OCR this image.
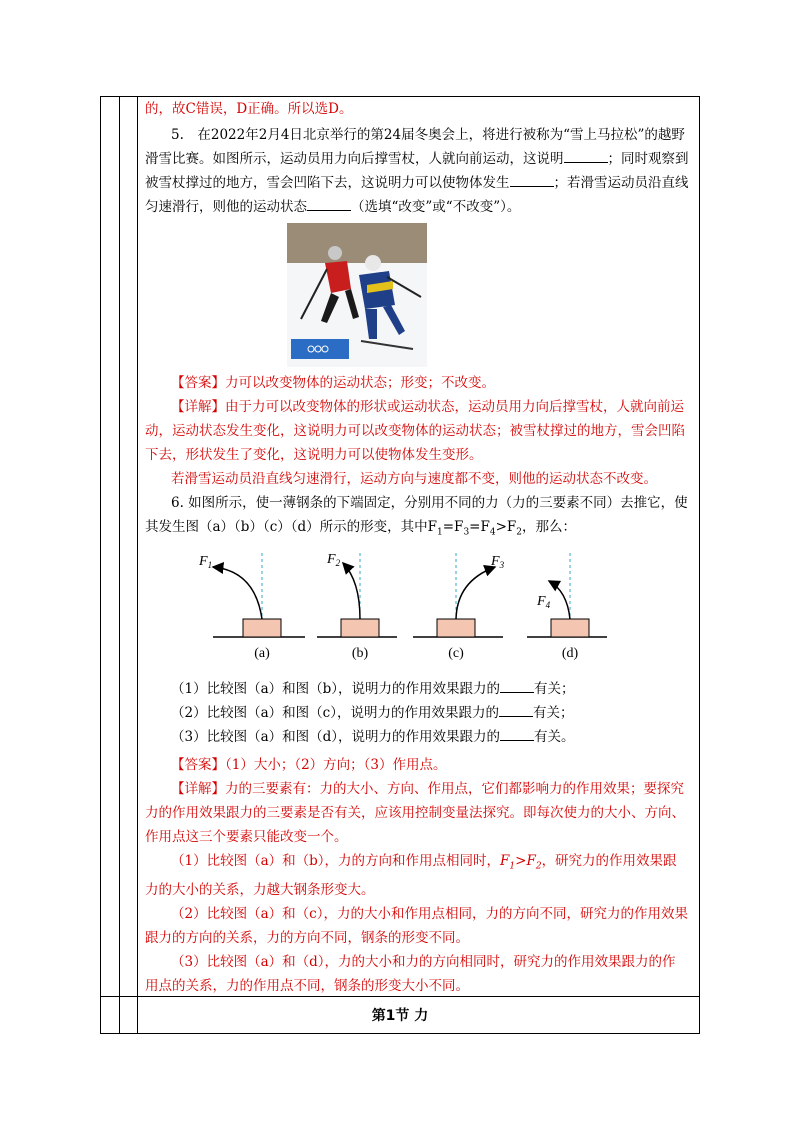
的，故C错误，D正确。所以选D。

5.　在2022年2月4日北京举行的第24届冬奥会上，将进行被称为“雪上马拉松”的越野滑雪比赛。如图所示，运动员用力向后撑雪杖，人就向前运动，这说明	；同时观察到被雪杖撑过的地方，雪会凹陷下去，这说明力可以使物体发生	；若滑雪运动员沿直线匀速滑行，则他的运动状态	（选填“改变”或“不改变”）。

【答案】力可以改变物体的运动状态；形变；不改变。

【详解】由于力可以改变物体的形状或运动状态，运动员用力向后撑雪杖，人就向前运动，运动状态发生变化，这说明力可以改变物体的运动状态；被雪杖撑过的地方，雪会凹陷下去，形状发生了变化，这说明力可以使物体发生变形。

若滑雪运动员沿直线匀速滑行，运动方向与速度都不变，则他的运动状态不改变。

6. 如图所示，使一薄钢条的下端固定，分别用不同的力（力的三要素不同）去推它，使其发生图（a）（b）（c）（d）所示的形变，其中$F_1=F_3=F_4>F_2$，那么：

$F_1$	$F_2$	$F_3$
$F_4$
(a)	(b)	(c)	(d)

（1）比较图（a）和图（b），说明力的作用效果跟力的	有关；

（2）比较图（a）和图（c），说明力的作用效果跟力的	有关；

（3）比较图（a）和图（d），说明力的作用效果跟力的	有关。

【答案】（1）大小；（2）方向；（3）作用点。

【详解】力的三要素有：力的大小、方向、作用点，它们都影响力的作用效果；要探究力的作用效果跟力的三要素是否有关，应该用控制变量法探究。即每次使力的大小、方向、作用点这三个要素只能改变一个。

（1）比较图（a）和（b），力的方向和作用点相同时，$F_1>F_2$，研究力的作用效果跟力的大小的关系，力越大钢条形变大。

（2）比较图（a）和（c），力的大小和作用点相同，力的方向不同，研究力的作用效果跟力的方向的关系，力的方向不同，钢条的形变不同。

（3）比较图（a）和（d），力的大小和力的方向相同时，研究力的作用效果跟力的作用点的关系，力的作用点不同，钢条的形变大小不同。

第1节 力
